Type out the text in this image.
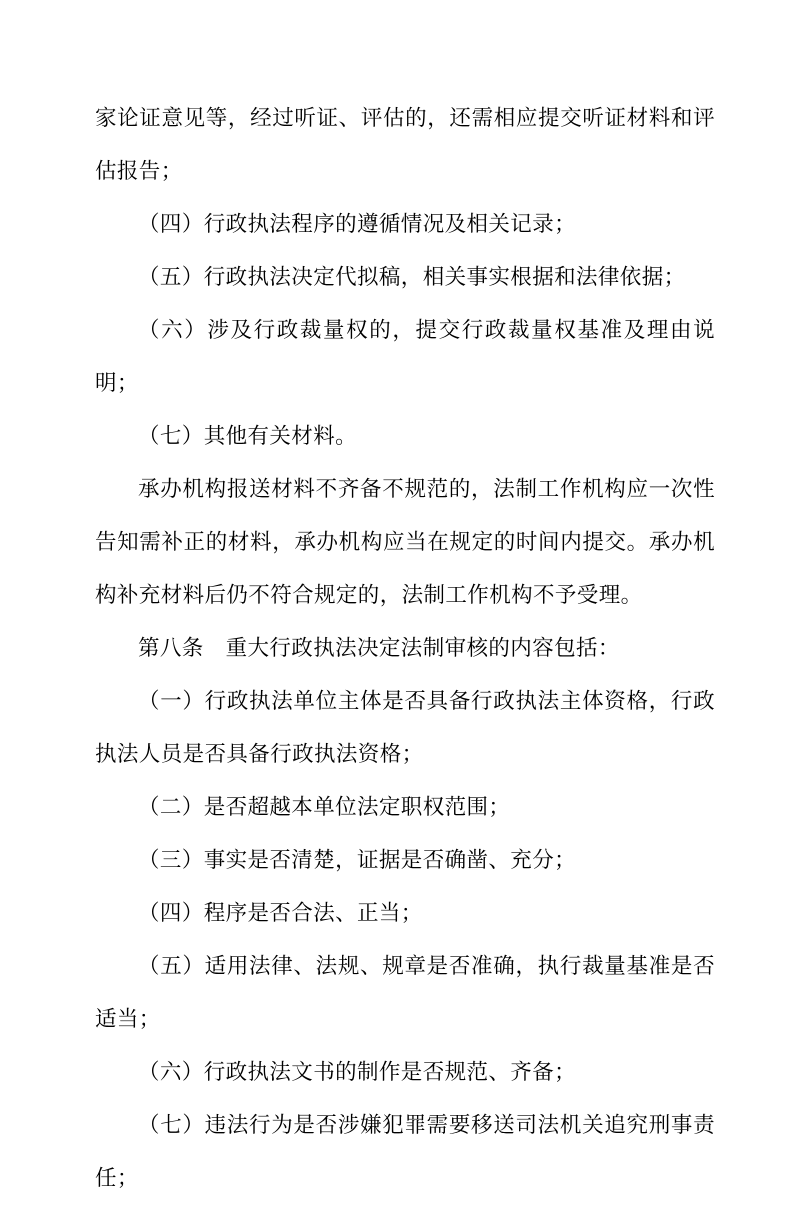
家论证意见等，经过听证、评估的，还需相应提交听证材料和评估报告；

（四）行政执法程序的遵循情况及相关记录；

（五）行政执法决定代拟稿，相关事实根据和法律依据；

（六）涉及行政裁量权的，提交行政裁量权基准及理由说明；

（七）其他有关材料。

承办机构报送材料不齐备不规范的，法制工作机构应一次性告知需补正的材料，承办机构应当在规定的时间内提交。承办机构补充材料后仍不符合规定的，法制工作机构不予受理。

第八条　重大行政执法决定法制审核的内容包括：

（一）行政执法单位主体是否具备行政执法主体资格，行政执法人员是否具备行政执法资格；

（二）是否超越本单位法定职权范围；

（三）事实是否清楚，证据是否确凿、充分；

（四）程序是否合法、正当；

（五）适用法律、法规、规章是否准确，执行裁量基准是否适当；

（六）行政执法文书的制作是否规范、齐备；

（七）违法行为是否涉嫌犯罪需要移送司法机关追究刑事责任；
